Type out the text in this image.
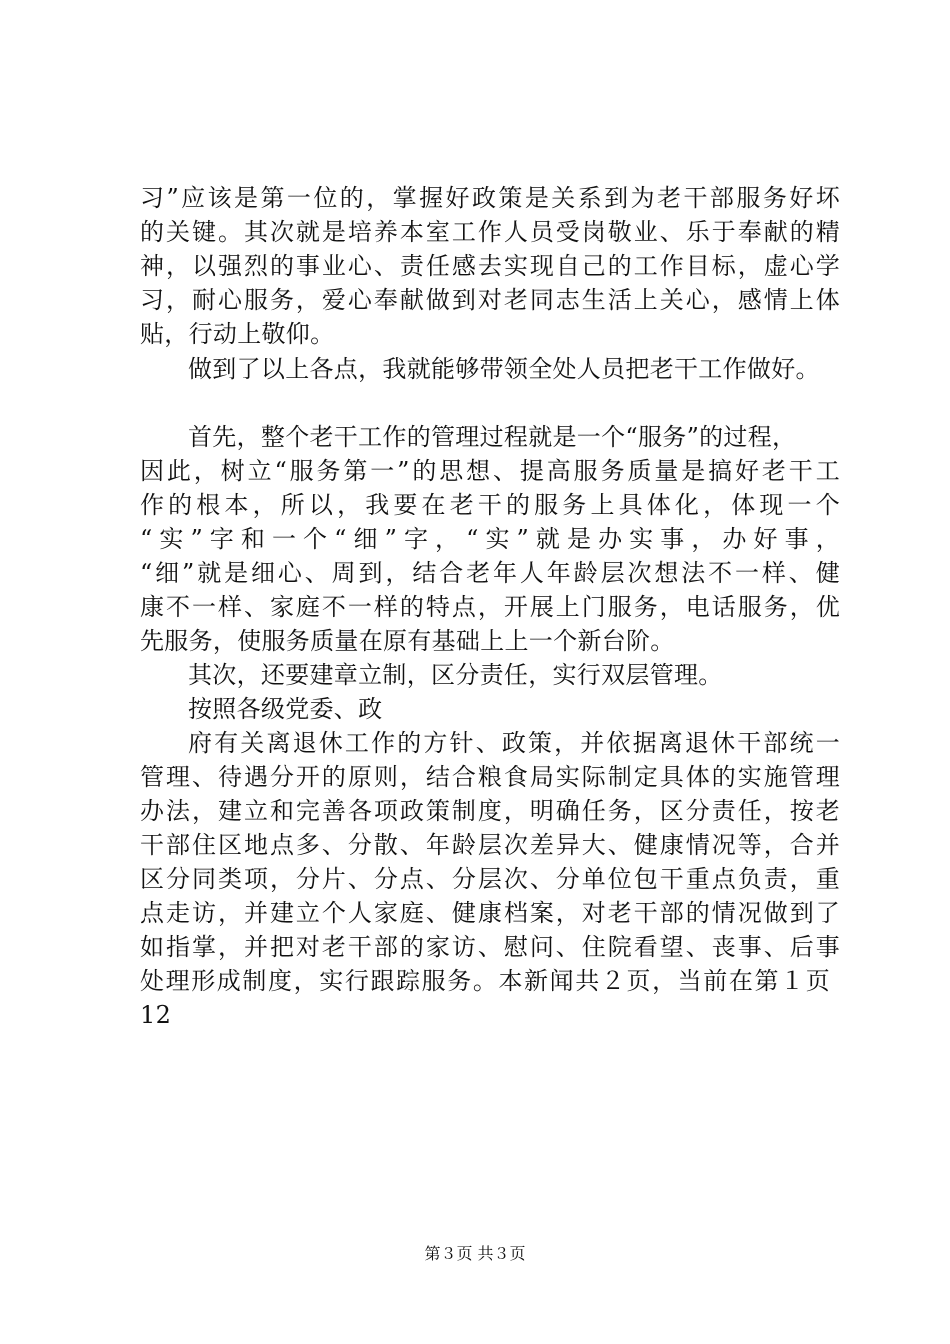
习”应该是第一位的，掌握好政策是关系到为老干部服务好坏
的关键。其次就是培养本室工作人员受岗敬业、乐于奉献的精
神，以强烈的事业心、责任感去实现自己的工作目标，虚心学
习，耐心服务，爱心奉献做到对老同志生活上关心，感情上体
贴，行动上敬仰。
做到了以上各点，我就能够带领全处人员把老干工作做好。
首先，整个老干工作的管理过程就是一个“服务”的过程，
因此，树立“服务第一”的思想、提高服务质量是搞好老干工
作的根本，所以，我要在老干的服务上具体化，体现一个
“实”字和一个“细”字，“实”就是办实事，办好事，
“细”就是细心、周到，结合老年人年龄层次想法不一样、健
康不一样、家庭不一样的特点，开展上门服务，电话服务，优
先服务，使服务质量在原有基础上上一个新台阶。
其次，还要建章立制，区分责任，实行双层管理。
按照各级党委、政
府有关离退休工作的方针、政策，并依据离退休干部统一
管理、待遇分开的原则，结合粮食局实际制定具体的实施管理
办法，建立和完善各项政策制度，明确任务，区分责任，按老
干部住区地点多、分散、年龄层次差异大、健康情况等，合并
区分同类项，分片、分点、分层次、分单位包干重点负责，重
点走访，并建立个人家庭、健康档案，对老干部的情况做到了
如指掌，并把对老干部的家访、慰问、住院看望、丧事、后事
处理形成制度，实行跟踪服务。本新闻共２页，当前在第１页
12
第３页 共３页
